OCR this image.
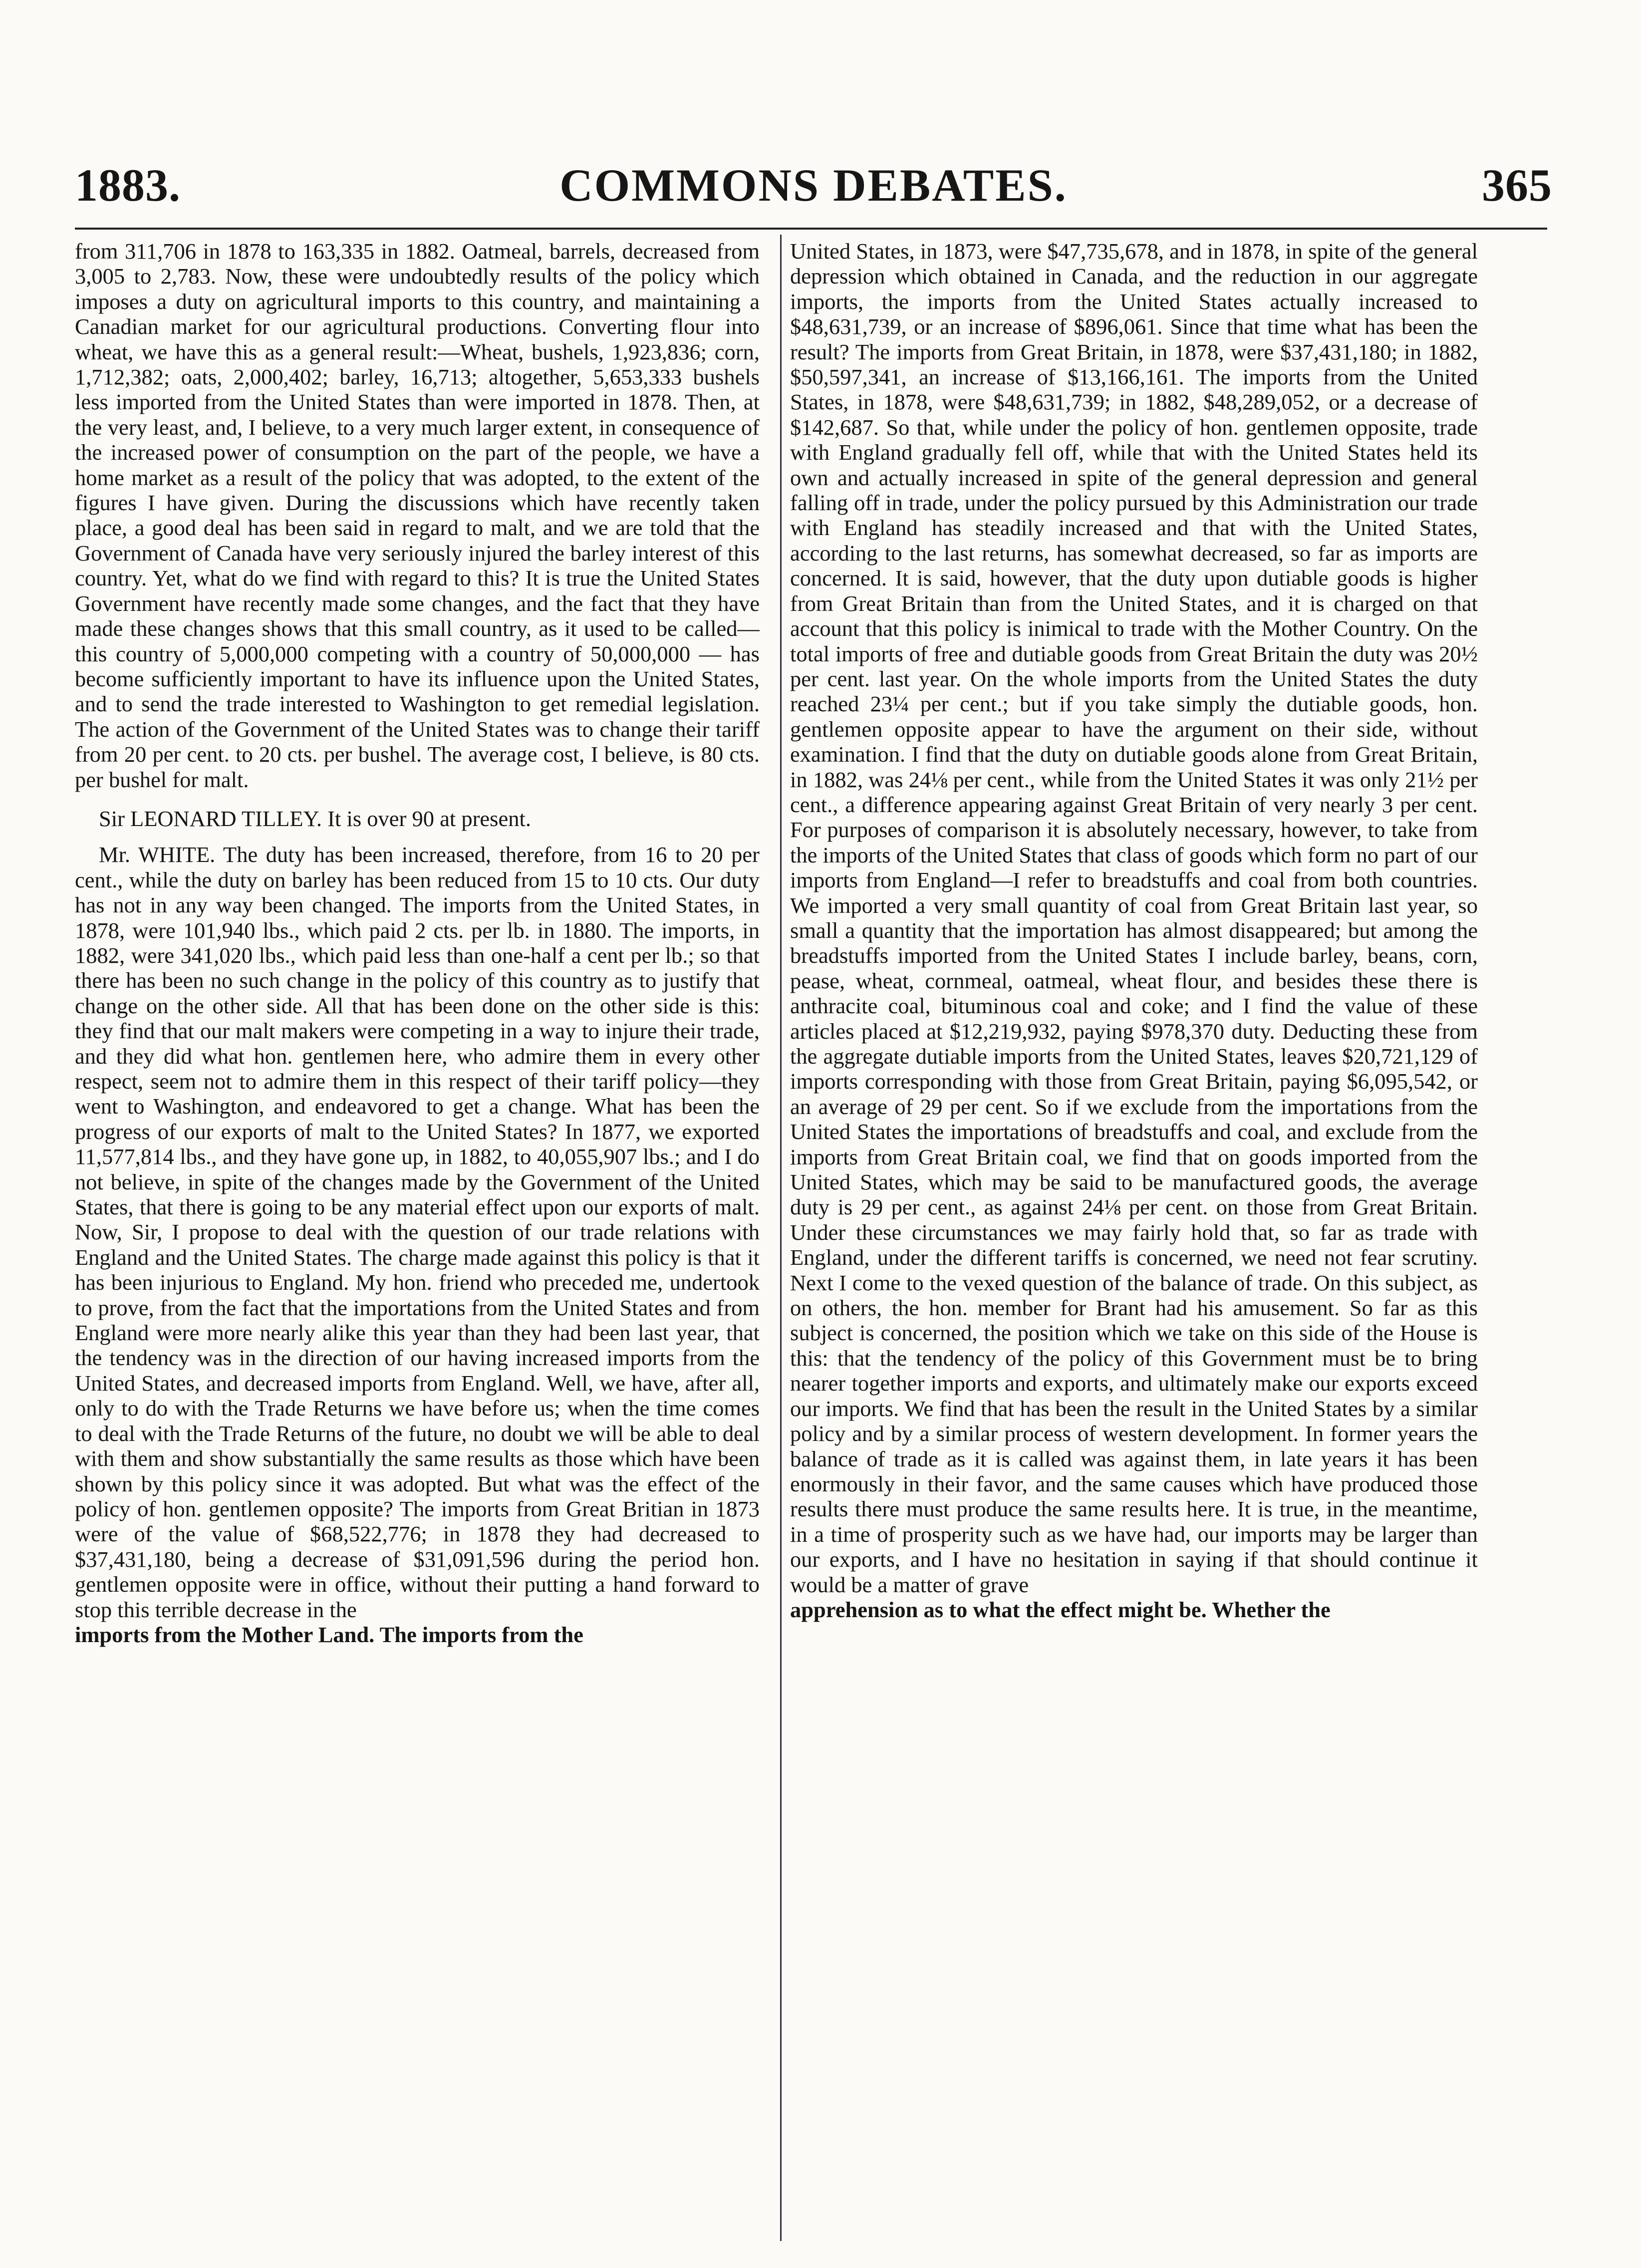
1883.	COMMONS DEBATES.	365

from 311,706 in 1878 to 163,335 in 1882. Oatmeal, barrels, decreased from 3,005 to 2,783. Now, these were undoubtedly results of the policy which imposes a duty on agricultural imports to this country, and maintaining a Canadian market for our agricultural productions. Converting flour into wheat, we have this as a general result:—Wheat, bushels, 1,923,836; corn, 1,712,382; oats, 2,000,402; barley, 16,713; altogether, 5,653,333 bushels less imported from the United States than were imported in 1878. Then, at the very least, and, I believe, to a very much larger extent, in consequence of the increased power of consumption on the part of the people, we have a home market as a result of the policy that was adopted, to the extent of the figures I have given. During the discussions which have recently taken place, a good deal has been said in regard to malt, and we are told that the Government of Canada have very seriously injured the barley interest of this country. Yet, what do we find with regard to this? It is true the United States Government have recently made some changes, and the fact that they have made these changes shows that this small country, as it used to be called—this country of 5,000,000 competing with a country of 50,000,000 — has become sufficiently important to have its influence upon the United States, and to send the trade interested to Washington to get remedial legislation. The action of the Government of the United States was to change their tariff from 20 per cent. to 20 cts. per bushel. The average cost, I believe, is 80 cts. per bushel for malt.

Sir LEONARD TILLEY. It is over 90 at present.

Mr. WHITE. The duty has been increased, therefore, from 16 to 20 per cent., while the duty on barley has been reduced from 15 to 10 cts. Our duty has not in any way been changed. The imports from the United States, in 1878, were 101,940 lbs., which paid 2 cts. per lb. in 1880. The imports, in 1882, were 341,020 lbs., which paid less than one-half a cent per lb.; so that there has been no such change in the policy of this country as to justify that change on the other side. All that has been done on the other side is this: they find that our malt makers were competing in a way to injure their trade, and they did what hon. gentlemen here, who admire them in every other respect, seem not to admire them in this respect of their tariff policy—they went to Washington, and endeavored to get a change. What has been the progress of our exports of malt to the United States? In 1877, we exported 11,577,814 lbs., and they have gone up, in 1882, to 40,055,907 lbs.; and I do not believe, in spite of the changes made by the Government of the United States, that there is going to be any material effect upon our exports of malt. Now, Sir, I propose to deal with the question of our trade relations with England and the United States. The charge made against this policy is that it has been injurious to England. My hon. friend who preceded me, undertook to prove, from the fact that the importations from the United States and from England were more nearly alike this year than they had been last year, that the tendency was in the direction of our having increased imports from the United States, and decreased imports from England. Well, we have, after all, only to do with the Trade Returns we have before us; when the time comes to deal with the Trade Returns of the future, no doubt we will be able to deal with them and show substantially the same results as those which have been shown by this policy since it was adopted. But what was the effect of the policy of hon. gentlemen opposite? The imports from Great Britian in 1873 were of the value of $68,522,776; in 1878 they had decreased to $37,431,180, being a decrease of $31,091,596 during the period hon. gentlemen opposite were in office, without their putting a hand forward to stop this terrible decrease in the

imports from the Mother Land. The imports from the

United States, in 1873, were $47,735,678, and in 1878, in spite of the general depression which obtained in Canada, and the reduction in our aggregate imports, the imports from the United States actually increased to $48,631,739, or an increase of $896,061. Since that time what has been the result? The imports from Great Britain, in 1878, were $37,431,180; in 1882, $50,597,341, an increase of $13,166,161. The imports from the United States, in 1878, were $48,631,739; in 1882, $48,289,052, or a decrease of $142,687. So that, while under the policy of hon. gentlemen opposite, trade with England gradually fell off, while that with the United States held its own and actually increased in spite of the general depression and general falling off in trade, under the policy pursued by this Administration our trade with England has steadily increased and that with the United States, according to the last returns, has somewhat decreased, so far as imports are concerned. It is said, however, that the duty upon dutiable goods is higher from Great Britain than from the United States, and it is charged on that account that this policy is inimical to trade with the Mother Country. On the total imports of free and dutiable goods from Great Britain the duty was 20½ per cent. last year. On the whole imports from the United States the duty reached 23¼ per cent.; but if you take simply the dutiable goods, hon. gentlemen opposite appear to have the argument on their side, without examination. I find that the duty on dutiable goods alone from Great Britain, in 1882, was 24⅛ per cent., while from the United States it was only 21½ per cent., a difference appearing against Great Britain of very nearly 3 per cent. For purposes of comparison it is absolutely necessary, however, to take from the imports of the United States that class of goods which form no part of our imports from England—I refer to breadstuffs and coal from both countries. We imported a very small quantity of coal from Great Britain last year, so small a quantity that the importation has almost disappeared; but among the breadstuffs imported from the United States I include barley, beans, corn, pease, wheat, cornmeal, oatmeal, wheat flour, and besides these there is anthracite coal, bituminous coal and coke; and I find the value of these articles placed at $12,219,932, paying $978,370 duty. Deducting these from the aggregate dutiable imports from the United States, leaves $20,721,129 of imports corresponding with those from Great Britain, paying $6,095,542, or an average of 29 per cent. So if we exclude from the importations from the United States the importations of breadstuffs and coal, and exclude from the imports from Great Britain coal, we find that on goods imported from the United States, which may be said to be manufactured goods, the average duty is 29 per cent., as against 24⅛ per cent. on those from Great Britain. Under these circumstances we may fairly hold that, so far as trade with England, under the different tariffs is concerned, we need not fear scrutiny. Next I come to the vexed question of the balance of trade. On this subject, as on others, the hon. member for Brant had his amusement. So far as this subject is concerned, the position which we take on this side of the House is this: that the tendency of the policy of this Government must be to bring nearer together imports and exports, and ultimately make our exports exceed our imports. We find that has been the result in the United States by a similar policy and by a similar process of western development. In former years the balance of trade as it is called was against them, in late years it has been enormously in their favor, and the same causes which have produced those results there must produce the same results here. It is true, in the meantime, in a time of prosperity such as we have had, our imports may be larger than our exports, and I have no hesitation in saying if that should continue it would be a matter of grave

apprehension as to what the effect might be. Whether the
